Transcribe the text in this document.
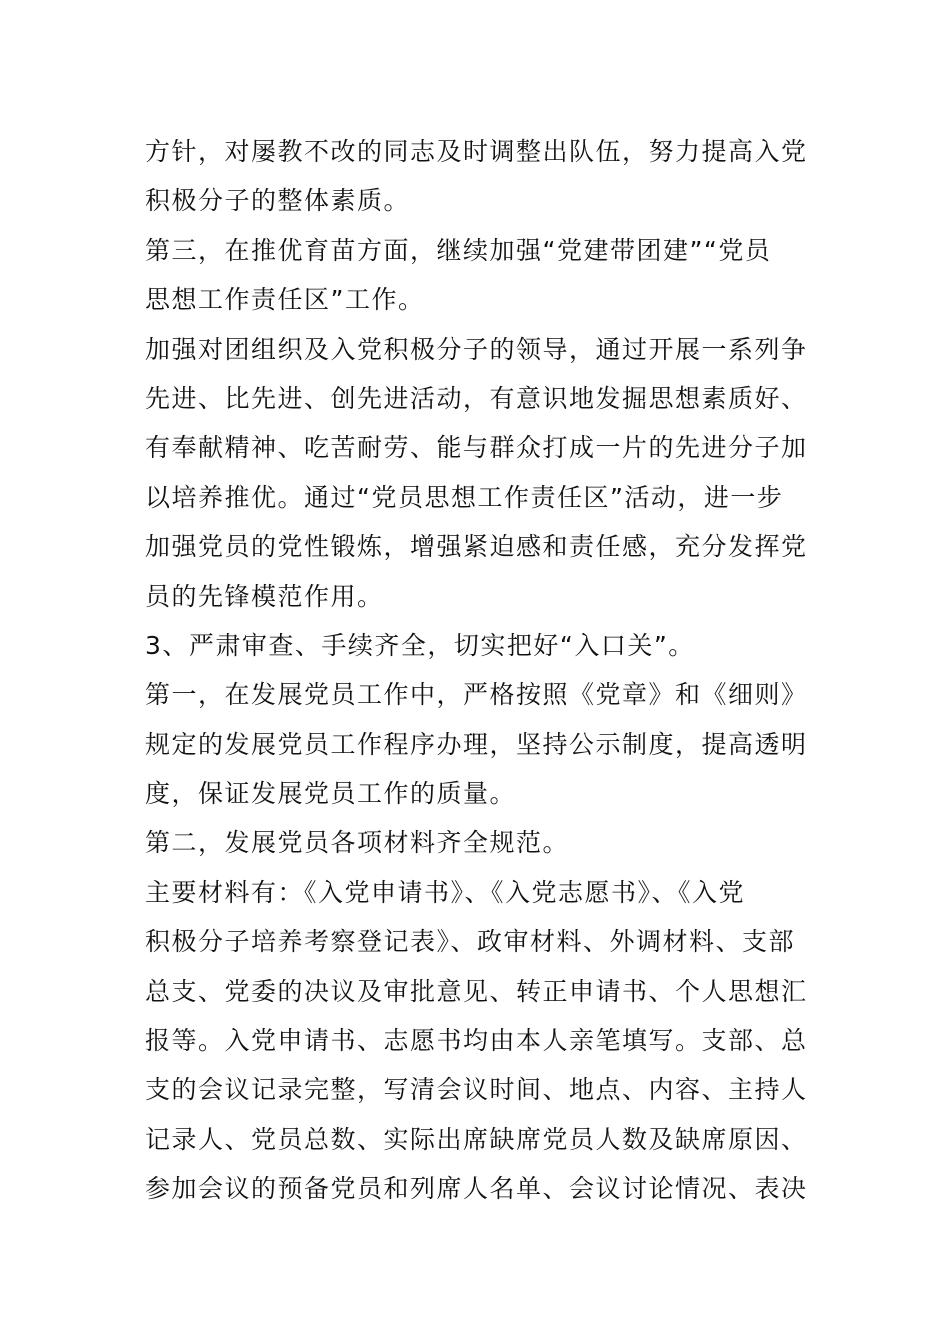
方针，对屡教不改的同志及时调整出队伍，努力提高入党
积极分子的整体素质。
第三，在推优育苗方面，继续加强“党建带团建”“党员
思想工作责任区”工作。
加强对团组织及入党积极分子的领导，通过开展一系列争
先进、比先进、创先进活动，有意识地发掘思想素质好、
有奉献精神、吃苦耐劳、能与群众打成一片的先进分子加
以培养推优。通过“党员思想工作责任区”活动，进一步
加强党员的党性锻炼，增强紧迫感和责任感，充分发挥党
员的先锋模范作用。
3、严肃审查、手续齐全，切实把好“入口关”。
第一，在发展党员工作中，严格按照《党章》和《细则》
规定的发展党员工作程序办理，坚持公示制度，提高透明
度，保证发展党员工作的质量。
第二，发展党员各项材料齐全规范。
主要材料有：《入党申请书》、《入党志愿书》、《入党
积极分子培养考察登记表》、政审材料、外调材料、支部
总支、党委的决议及审批意见、转正申请书、个人思想汇
报等。入党申请书、志愿书均由本人亲笔填写。支部、总
支的会议记录完整，写清会议时间、地点、内容、主持人
记录人、党员总数、实际出席缺席党员人数及缺席原因、
参加会议的预备党员和列席人名单、会议讨论情况、表决
